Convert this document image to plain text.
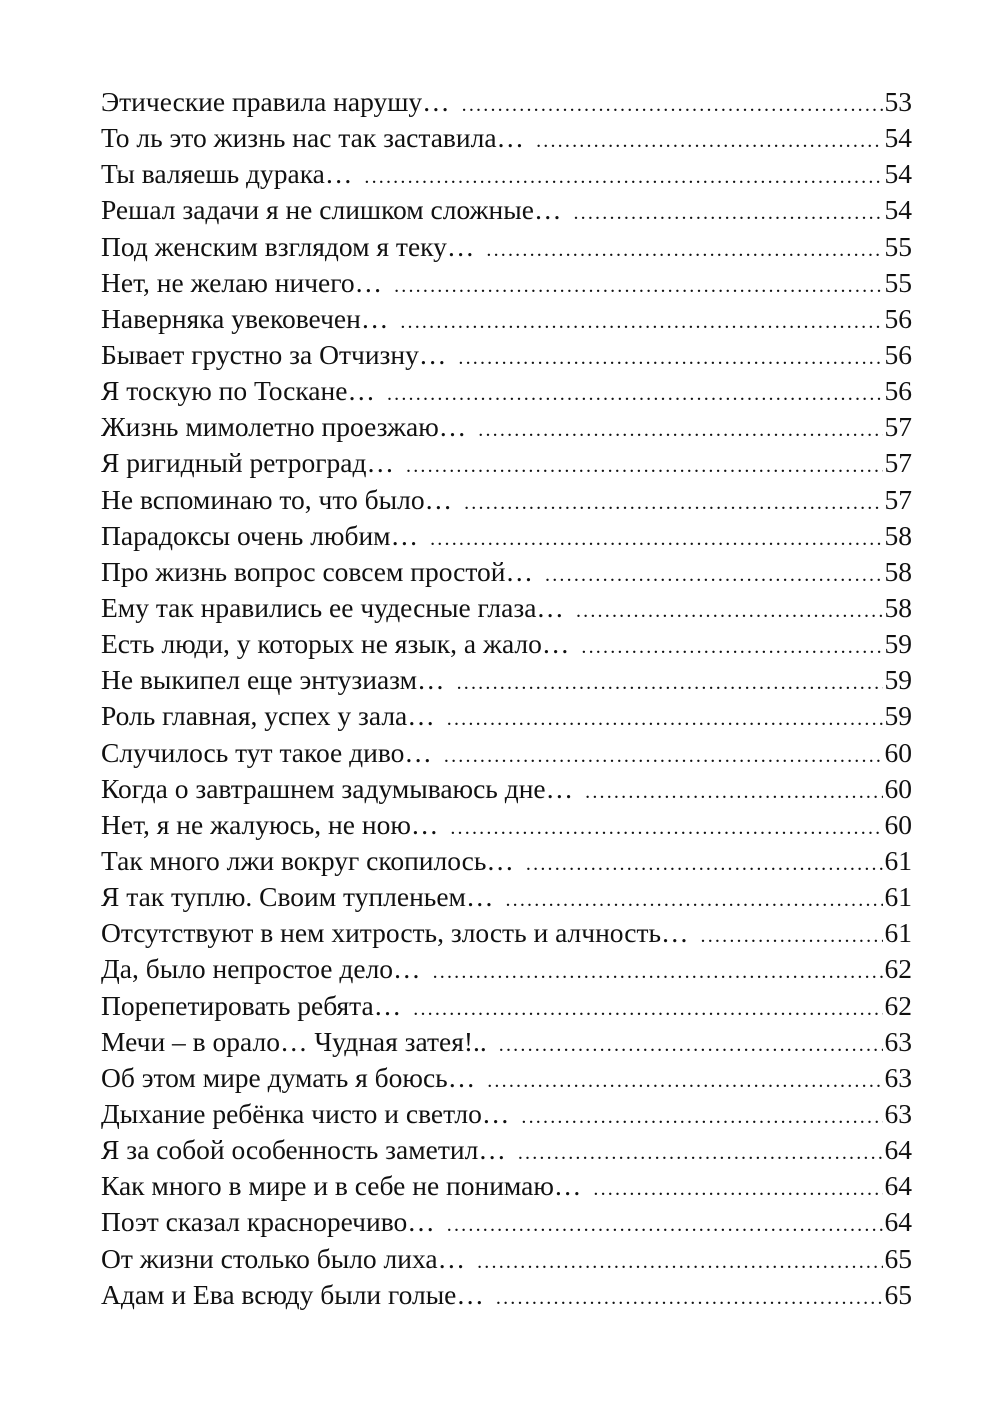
Этические правила нарушу… . . .	53
То ль это жизнь нас так заставила… . . .	54
Ты валяешь дурака… . . .	54
Решал задачи я не слишком сложные… . . .	54
Под женским взглядом я теку… . . .	55
Нет, не желаю ничего… . . .	55
Наверняка увековечен… . . .	56
Бывает грустно за Отчизну… . . .	56
Я тоскую по Тоскане… . . .	56
Жизнь мимолетно проезжаю… . . .	57
Я ригидный ретроград… . . .	57
Не вспоминаю то, что было… . . .	57
Парадоксы очень любим… . . .	58
Про жизнь вопрос совсем простой… . . .	58
Ему так нравились ее чудесные глаза… . . .	58
Есть люди, у которых не язык, а жало… . . .	59
Не выкипел еще энтузиазм… . . .	59
Роль главная, успех у зала… . . .	59
Случилось тут такое диво… . . .	60
Когда о завтрашнем задумываюсь дне… . . .	60
Нет, я не жалуюсь, не ною… . . .	60
Так много лжи вокруг скопилось… . . .	61
Я так туплю. Своим тупленьем… . . .	61
Отсутствуют в нем хитрость, злость и алчность… . . .	61
Да, было непростое дело… . . .	62
Порепетировать ребята… . . .	62
Мечи – в орало… Чудная затея!.. . . .	63
Об этом мире думать я боюсь… . . .	63
Дыхание ребёнка чисто и светло… . . .	63
Я за собой особенность заметил… . . .	64
Как много в мире и в себе не понимаю… . . .	64
Поэт сказал красноречиво… . . .	64
От жизни столько было лиха… . . .	65
Адам и Ева всюду были голые… . . .	65
